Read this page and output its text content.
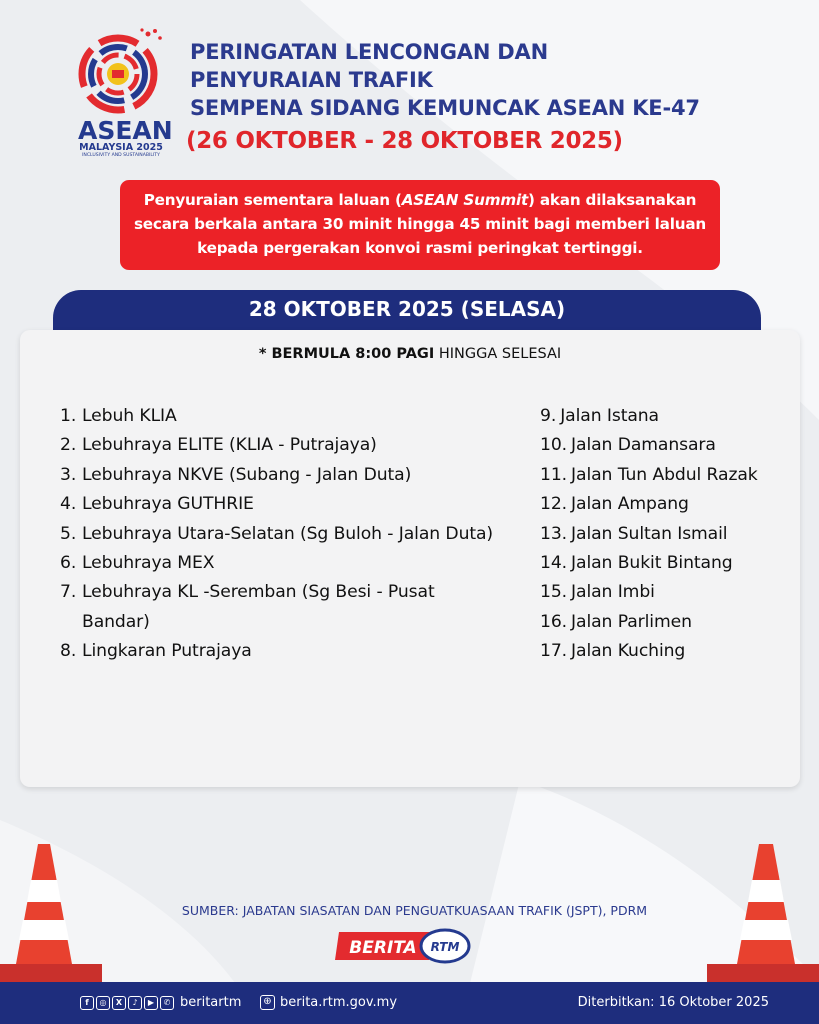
ASEAN
MALAYSIA 2025
INCLUSIVITY AND SUSTAINABILITY
PERINGATAN LENCONGAN DAN
PENYURAIAN TRAFIK
SEMPENA SIDANG KEMUNCAK ASEAN KE-47
(26 OKTOBER - 28 OKTOBER 2025)
Penyuraian sementara laluan (ASEAN Summit) akan dilaksanakan secara berkala antara 30 minit hingga 45 minit bagi memberi laluan kepada pergerakan konvoi rasmi peringkat tertinggi.
28 OKTOBER 2025 (SELASA)
* BERMULA 8:00 PAGI HINGGA SELESAI
1. Lebuh KLIA
2. Lebuhraya ELITE (KLIA - Putrajaya)
3. Lebuhraya NKVE (Subang - Jalan Duta)
4. Lebuhraya GUTHRIE
5. Lebuhraya Utara-Selatan (Sg Buloh - Jalan Duta)
6. Lebuhraya MEX
7. Lebuhraya KL -Seremban (Sg Besi - Pusat Bandar)
8. Lingkaran Putrajaya
9. Jalan Istana
10. Jalan Damansara
11. Jalan Tun Abdul Razak
12. Jalan Ampang
13. Jalan Sultan Ismail
14. Jalan Bukit Bintang
15. Jalan Imbi
16. Jalan Parlimen
17. Jalan Kuching
SUMBER: JABATAN SIASATAN DAN PENGUATKUASAAN TRAFIK (JSPT), PDRM
BERITA RTM
f	◎	X	♪	▶	✆ beritartm	⊕ berita.rtm.gov.my	Diterbitkan: 16 Oktober 2025
